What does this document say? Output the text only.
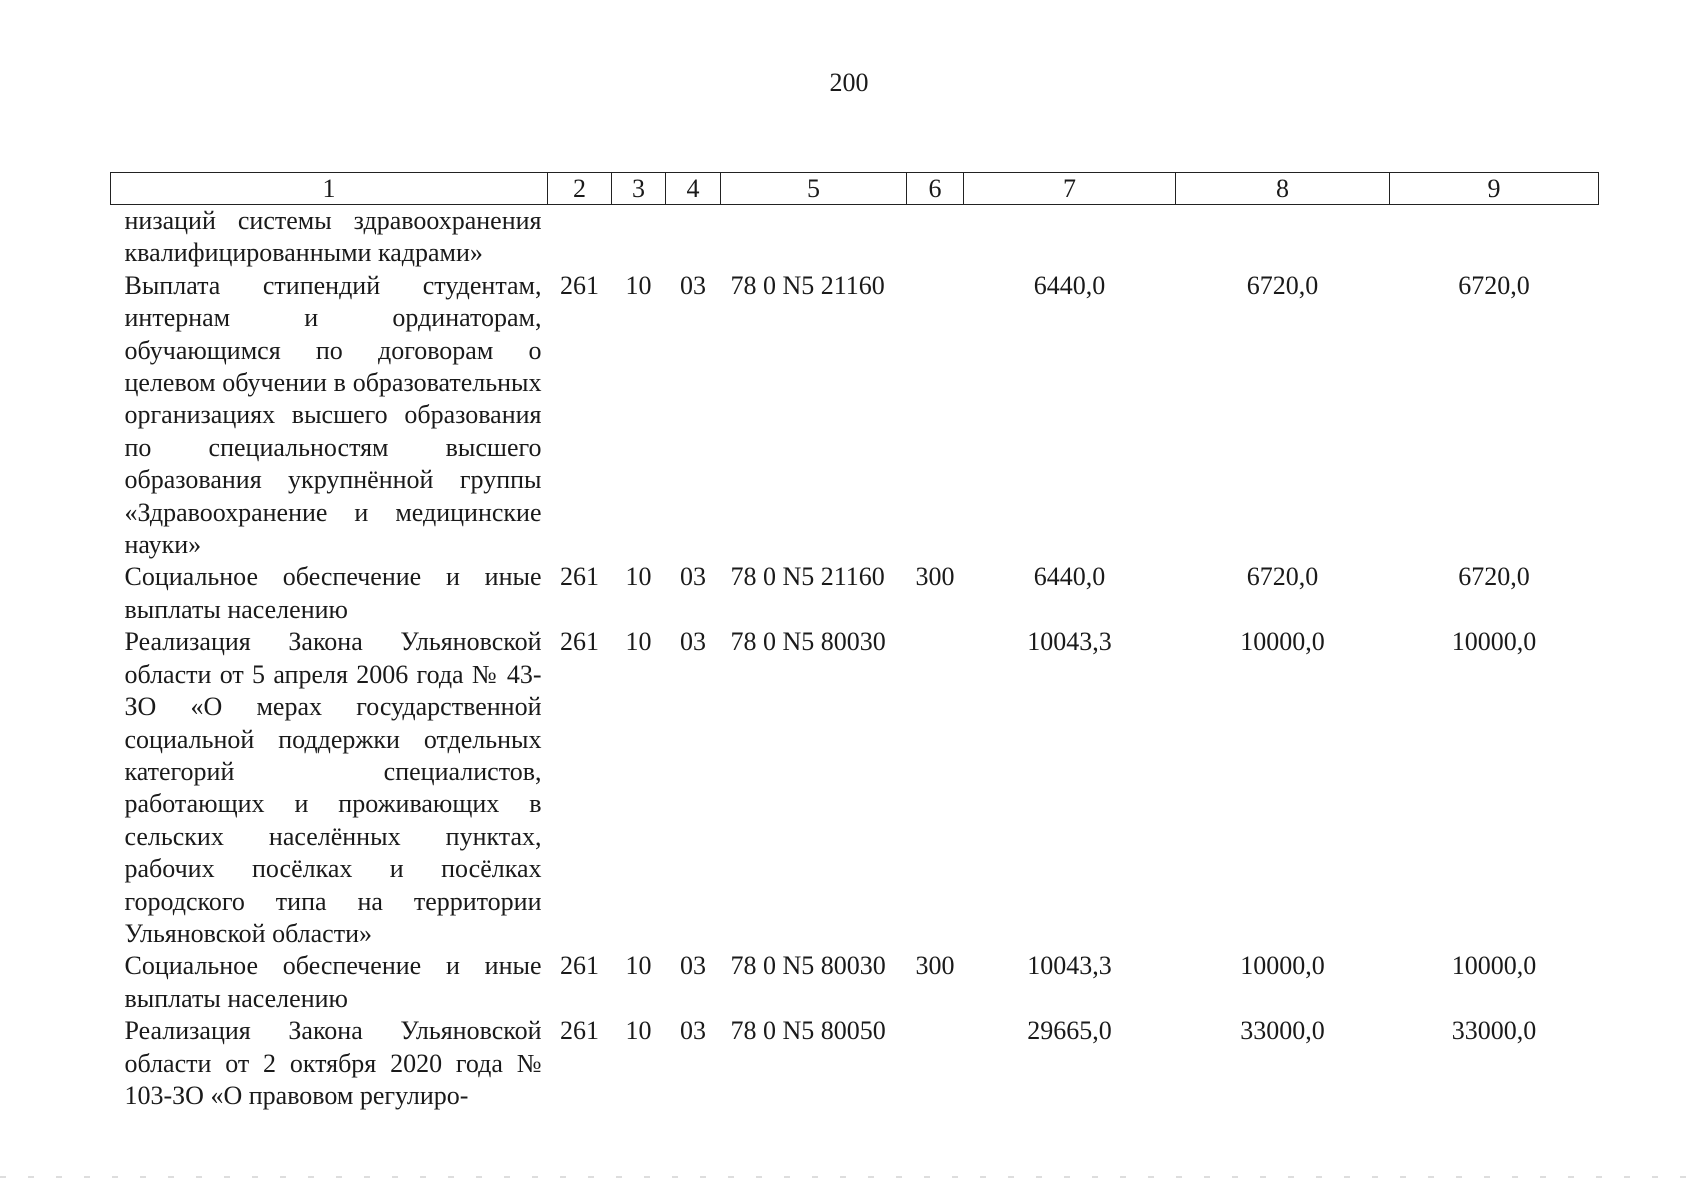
200
1	2	3	4	5	6	7	8	9
низаций системы здравоохранения квалифицированными кадрами»								
Выплата стипендий студентам, интернам и ординаторам, обучающимся по договорам о целевом обучении в образовательных организациях высшего образования по специальностям высшего образования укрупнённой группы «Здравоохранение и медицинские науки»	261	10	03	78 0 N5 21160		6440,0	6720,0	6720,0
Социальное обеспечение и иные выплаты населению	261	10	03	78 0 N5 21160	300	6440,0	6720,0	6720,0
Реализация Закона Ульяновской области от 5 апреля 2006 года № 43-ЗО «О мерах государственной социальной поддержки отдельных категорий специалистов, работающих и проживающих в сельских населённых пунктах, рабочих посёлках и посёлках городского типа на территории Ульяновской области»	261	10	03	78 0 N5 80030		10043,3	10000,0	10000,0
Социальное обеспечение и иные выплаты населению	261	10	03	78 0 N5 80030	300	10043,3	10000,0	10000,0
Реализация Закона Ульяновской области от 2 октября 2020 года № 103-ЗО «О правовом регулиро-	261	10	03	78 0 N5 80050		29665,0	33000,0	33000,0
